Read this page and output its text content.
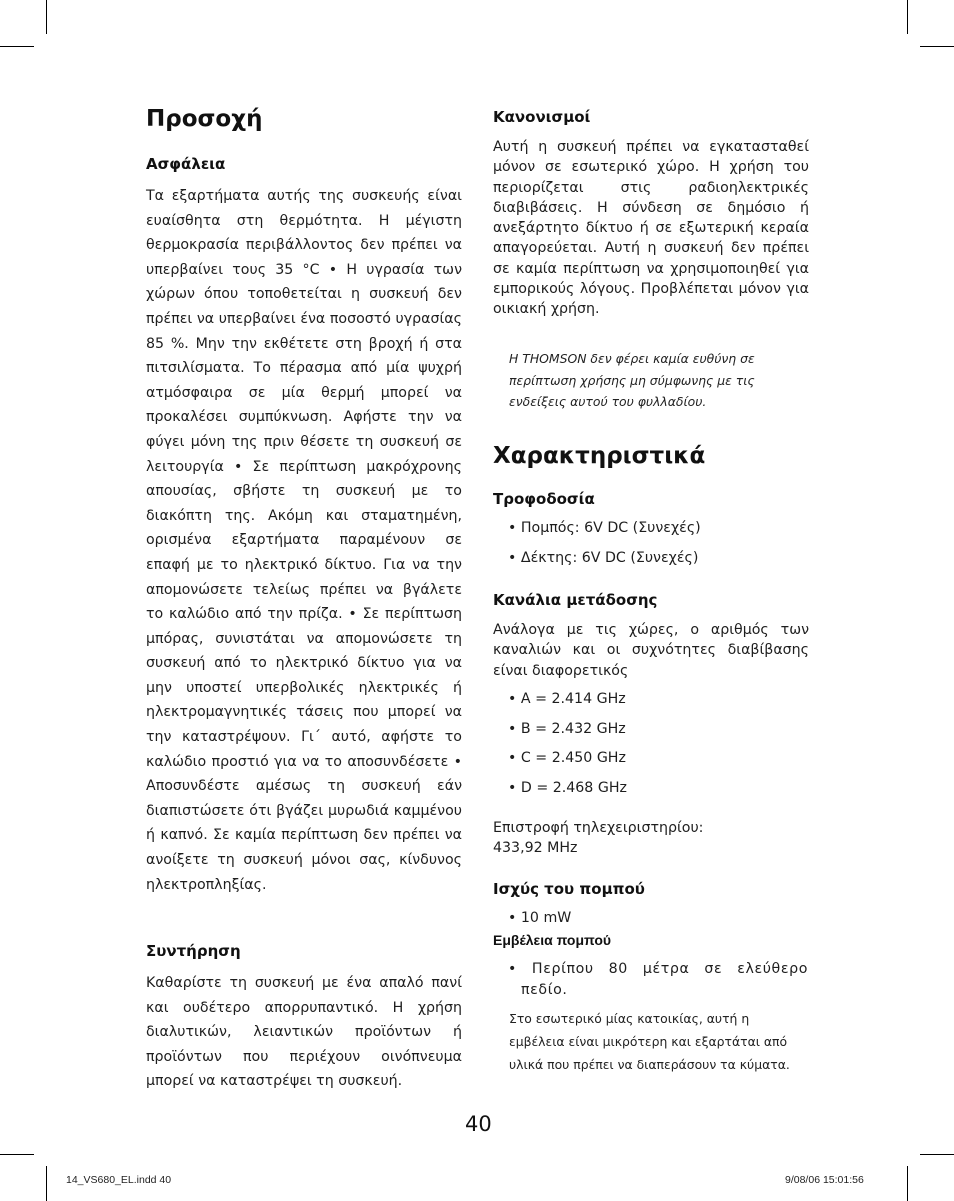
Προσοχή
Ασφάλεια

Τα εξαρτήματα αυτής της συσκευής είναι ευαίσθητα στη θερμότητα. Η μέγιστη θερμοκρασία περιβάλλοντος δεν πρέπει να υπερβαίνει τους 35 °C • Η υγρασία των χώρων όπου τοποθετείται η συσκευή δεν πρέπει να υπερβαίνει ένα ποσοστό υγρασίας 85 %. Μην την εκθέτετε στη βροχή ή στα πιτσιλίσματα. Το πέρασμα από μία ψυχρή ατμόσφαιρα σε μία θερμή μπορεί να προκαλέσει συμπύκνωση. Αφήστε την να φύγει μόνη της πριν θέσετε τη συσκευή σε λειτουργία • Σε περίπτωση μακρόχρονης απουσίας, σβήστε τη συσκευή με το διακόπτη της. Ακόμη και σταματημένη, ορισμένα εξαρτήματα παραμένουν σε επαφή με το ηλεκτρικό δίκτυο. Για να την απομονώσετε τελείως πρέπει να βγάλετε το καλώδιο από την πρίζα. • Σε περίπτωση μπόρας, συνιστάται να απομονώσετε τη συσκευή από το ηλεκτρικό δίκτυο για να μην υποστεί υπερβολικές ηλεκτρικές ή ηλεκτρομαγνητικές τάσεις που μπορεί να την καταστρέψουν. Γι΄ αυτό, αφήστε το καλώδιο προστιό για να το αποσυνδέσετε • Αποσυνδέστε αμέσως τη συσκευή εάν διαπιστώσετε ότι βγάζει μυρωδιά καμμένου ή καπνό. Σε καμία περίπτωση δεν πρέπει να ανοίξετε τη συσκευή μόνοι σας, κίνδυνος ηλεκτροπληξίας.

Συντήρηση

Καθαρίστε τη συσκευή με ένα απαλό πανί και ουδέτερο απορρυπαντικό. Η χρήση διαλυτικών, λειαντικών προϊόντων ή προϊόντων που περιέχουν οινόπνευμα μπορεί να καταστρέψει τη συσκευή.

Κανονισμοί

Αυτή η συσκευή πρέπει να εγκατασταθεί μόνον σε εσωτερικό χώρο. Η χρήση του περιορίζεται στις ραδιοηλεκτρικές διαβιβάσεις. Η σύνδεση σε δημόσιο ή ανεξάρτητο δίκτυο ή σε εξωτερική κεραία απαγορεύεται. Αυτή η συσκευή δεν πρέπει σε καμία περίπτωση να χρησιμοποιηθεί για εμπορικούς λόγους. Προβλέπεται μόνον για οικιακή χρήση.

Η THOMSON δεν φέρει καμία ευθύνη σε περίπτωση χρήσης μη σύμφωνης με τις ενδείξεις αυτού του φυλλαδίου.

Χαρακτηριστικά
Τροφοδοσία

• Πομπός: 6V DC (Συνεχές)

• Δέκτης: 6V DC (Συνεχές)

Κανάλια μετάδοσης

Ανάλογα με τις χώρες, ο αριθμός των καναλιών και οι συχνότητες διαβίβασης είναι διαφορετικός

• A = 2.414 GHz

• B = 2.432 GHz

• C = 2.450 GHz

• D = 2.468 GHz

Επιστροφή τηλεχειριστηρίου:

433,92 MHz

Ισχύς του πομπού

• 10 mW

Εμβέλεια πομπού

• Περίπου 80 μέτρα σε ελεύθερο

πεδίο.

Στο εσωτερικό μίας κατοικίας, αυτή η εμβέλεια είναι μικρότερη και εξαρτάται από υλικά που πρέπει να διαπεράσουν τα κύματα.

40
14_VS680_EL.indd 40	9/08/06 15:01:56
